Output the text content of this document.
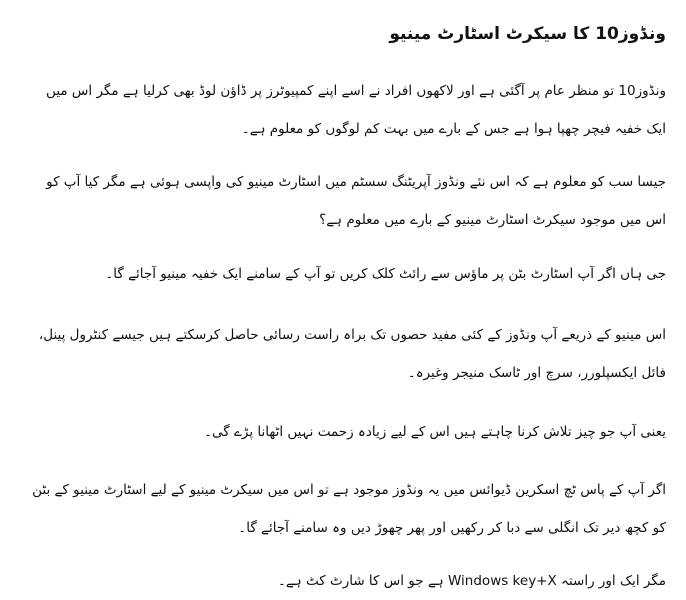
ونڈوز10 کا سیکرٹ اسٹارٹ مینیو

ونڈوز10 تو منظر عام پر آگئی ہے اور لاکھوں افراد نے اسے اپنے کمپیوٹرز پر ڈاﺅن لوڈ بھی کرلیا ہے مگر اس میں ایک خفیہ فیچر چھپا ہوا ہے جس کے بارے میں بہت کم لوگوں کو معلوم ہے۔

جیسا سب کو معلوم ہے کہ اس نئے ونڈوز آپریٹنگ سسٹم میں اسٹارٹ مینیو کی واپسی ہوئی ہے مگر کیا آپ کو اس میں موجود سیکرٹ اسٹارٹ مینیو کے بارے میں معلوم ہے؟

جی ہاں اگر آپ اسٹارٹ بٹن پر ماﺅس سے رائٹ کلک کریں تو آپ کے سامنے ایک خفیہ مینیو آجائے گا۔

اس مینیو کے ذریعے آپ ونڈوز کے کئی مفید حصوں تک براہ راست رسائی حاصل کرسکتے ہیں جیسے کنٹرول پینل، فائل ایکسپلورر، سرچ اور ٹاسک منیجر وغیرہ۔

یعنی آپ جو چیز تلاش کرنا چاہتے ہیں اس کے لیے زیادہ زحمت نہیں اٹھانا پڑے گی۔

اگر آپ کے پاس ٹچ اسکرین ڈیوائس میں یہ ونڈوز موجود ہے تو اس میں سیکرٹ مینیو کے لیے اسٹارٹ مینیو کے بٹن کو کچھ دیر تک انگلی سے دبا کر رکھیں اور پھر چھوڑ دیں وہ سامنے آجائے گا۔

مگر ایک اور راستہ Windows key+X ہے جو اس کا شارٹ کٹ ہے۔
